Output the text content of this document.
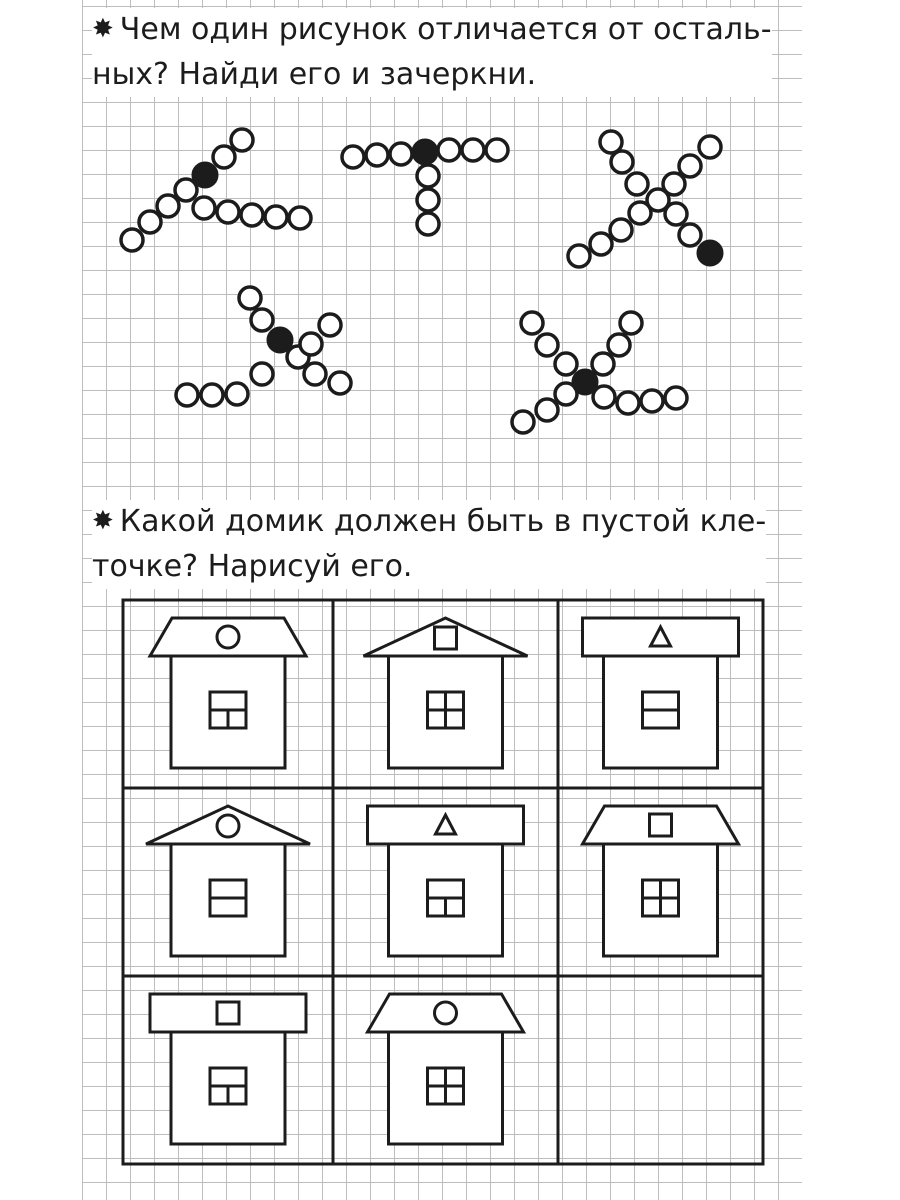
✸ Чем один рисунок отличается от осталь-
ных? Найди его и зачеркни.
✸ Какой домик должен быть в пустой кле-
точке? Нарисуй его.
